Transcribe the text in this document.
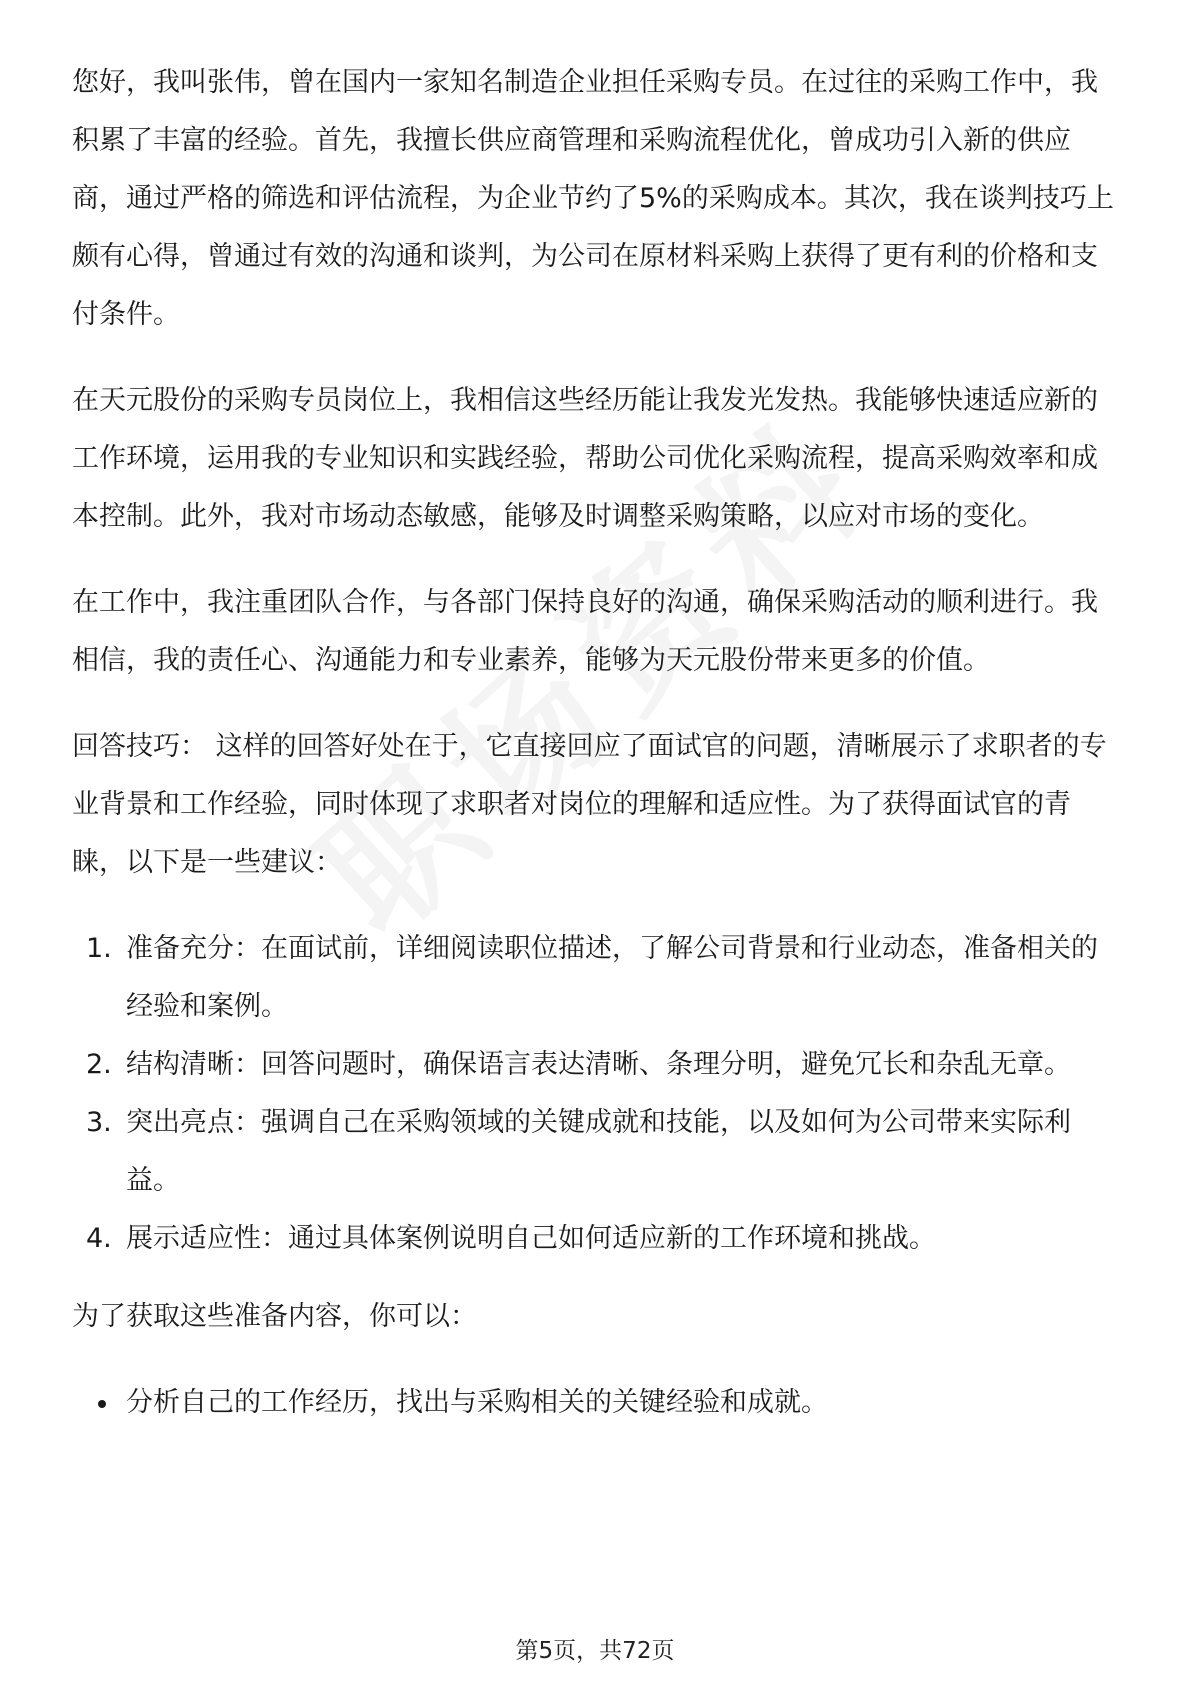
您好，我叫张伟，曾在国内一家知名制造企业担任采购专员。在过往的采购工作中，我积累了丰富的经验。首先，我擅长供应商管理和采购流程优化，曾成功引入新的供应商，通过严格的筛选和评估流程，为企业节约了5%的采购成本。其次，我在谈判技巧上颇有心得，曾通过有效的沟通和谈判，为公司在原材料采购上获得了更有利的价格和支付条件。

在天元股份的采购专员岗位上，我相信这些经历能让我发光发热。我能够快速适应新的工作环境，运用我的专业知识和实践经验，帮助公司优化采购流程，提高采购效率和成本控制。此外，我对市场动态敏感，能够及时调整采购策略，以应对市场的变化。

在工作中，我注重团队合作，与各部门保持良好的沟通，确保采购活动的顺利进行。我相信，我的责任心、沟通能力和专业素养，能够为天元股份带来更多的价值。

回答技巧： 这样的回答好处在于，它直接回应了面试官的问题，清晰展示了求职者的专业背景和工作经验，同时体现了求职者对岗位的理解和适应性。为了获得面试官的青睐，以下是一些建议：

1. 准备充分：在面试前，详细阅读职位描述，了解公司背景和行业动态，准备相关的经验和案例。
2. 结构清晰：回答问题时，确保语言表达清晰、条理分明，避免冗长和杂乱无章。
3. 突出亮点：强调自己在采购领域的关键成就和技能，以及如何为公司带来实际利益。
4. 展示适应性：通过具体案例说明自己如何适应新的工作环境和挑战。

为了获取这些准备内容，你可以：

分析自己的工作经历，找出与采购相关的关键经验和成就。
第5页，共72页
